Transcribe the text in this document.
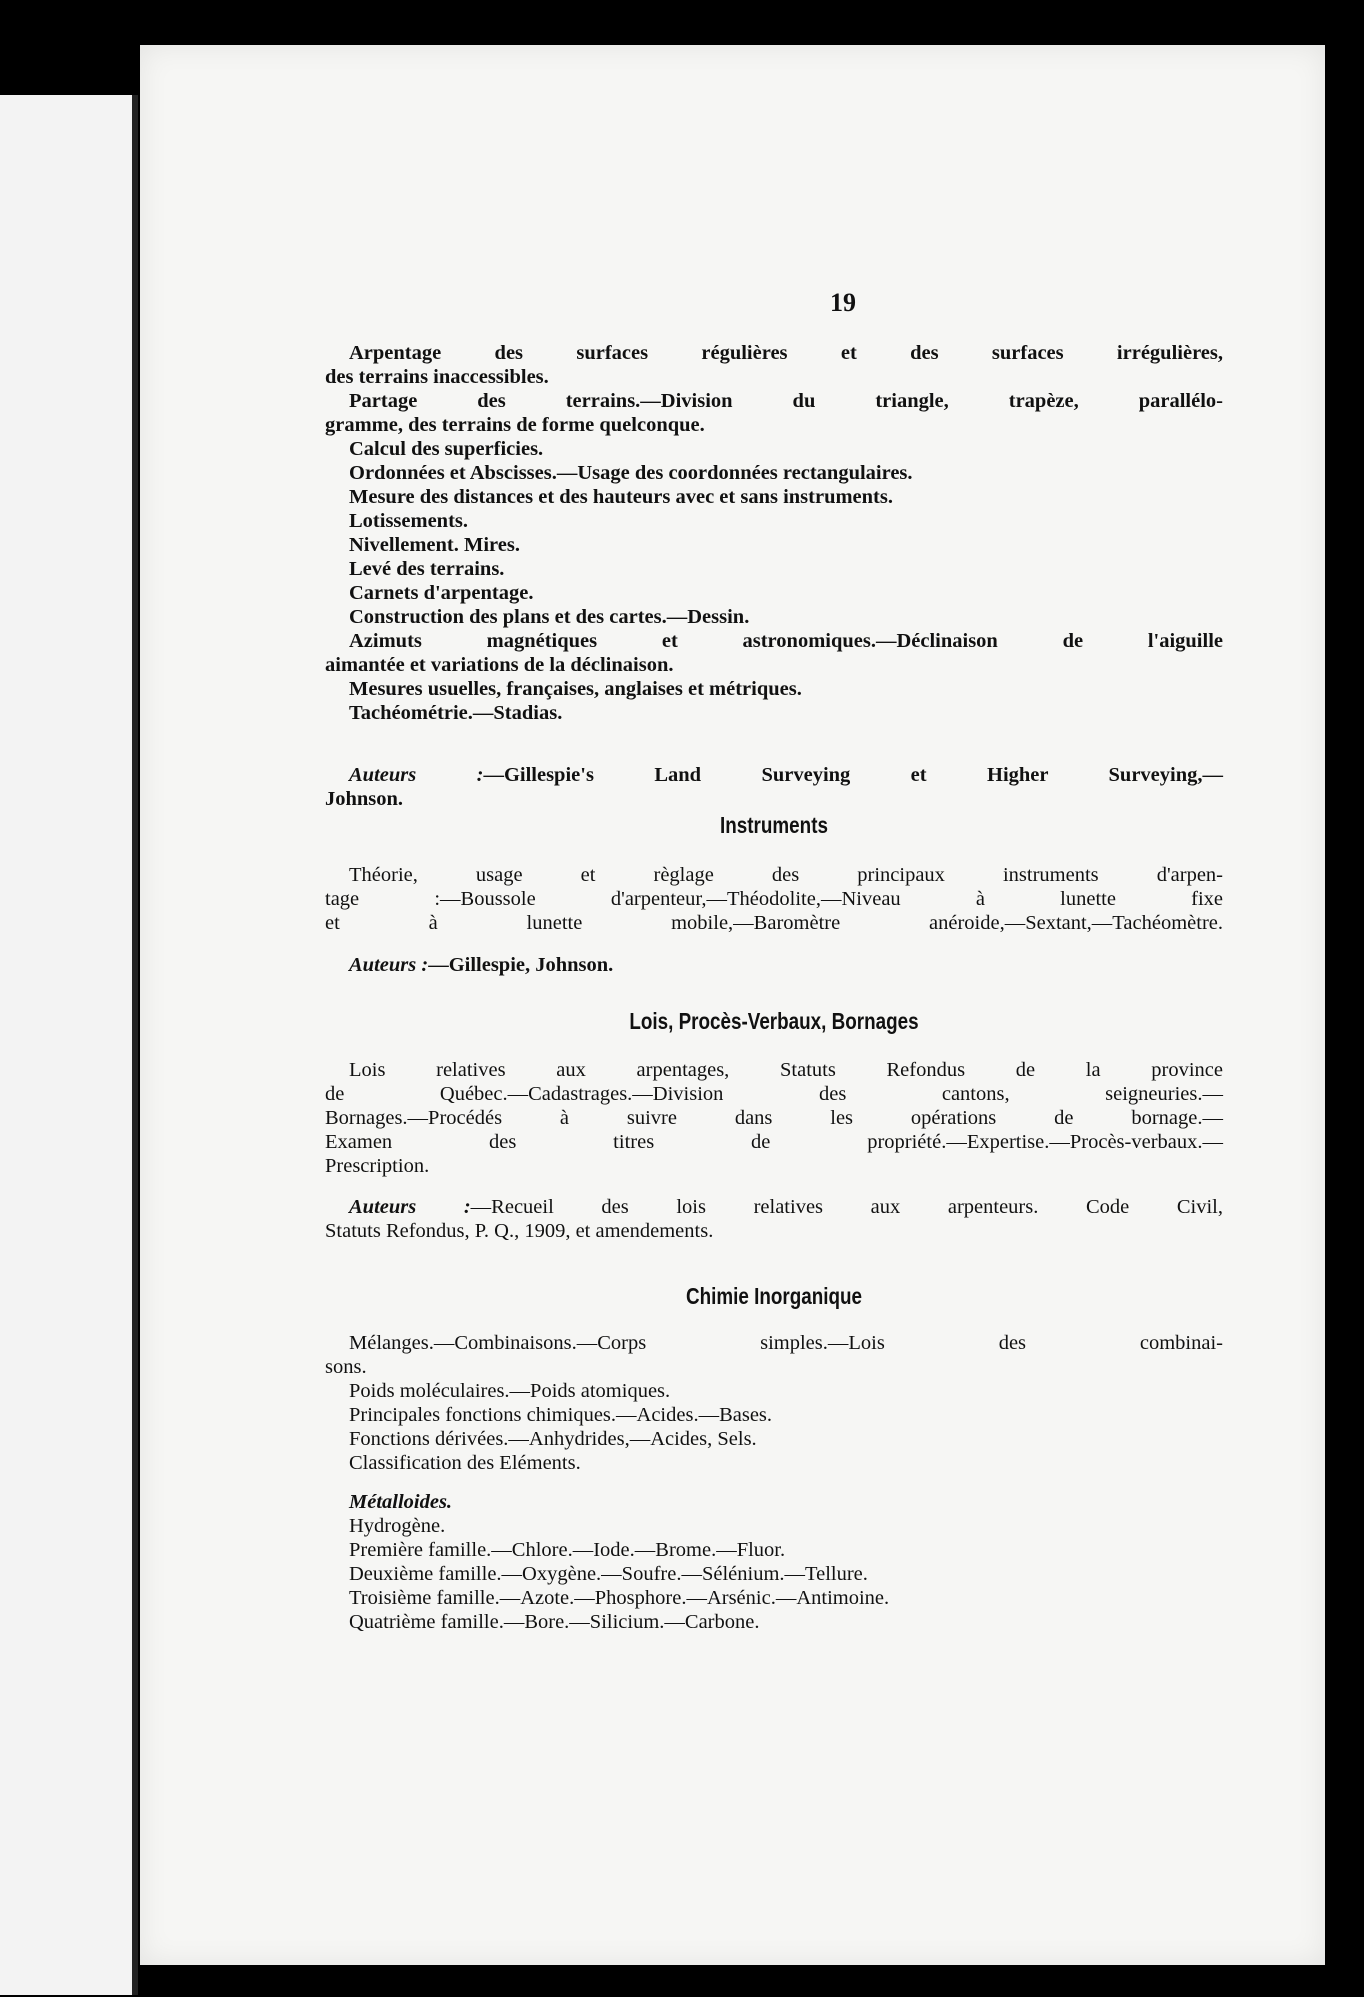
19
Arpentage des surfaces régulières et des surfaces irrégulières,
des terrains inaccessibles.
Partage des terrains.—Division du triangle, trapèze, parallélo-
gramme, des terrains de forme quelconque.
Calcul des superficies.
Ordonnées et Abscisses.—Usage des coordonnées rectangulaires.
Mesure des distances et des hauteurs avec et sans instruments.
Lotissements.
Nivellement. Mires.
Levé des terrains.
Carnets d'arpentage.
Construction des plans et des cartes.—Dessin.
Azimuts magnétiques et astronomiques.—Déclinaison de l'aiguille
aimantée et variations de la déclinaison.
Mesures usuelles, françaises, anglaises et métriques.
Tachéométrie.—Stadias.
Auteurs :—Gillespie's Land Surveying et Higher Surveying,—
Johnson.
Instruments
Théorie, usage et règlage des principaux instruments d'arpen-
tage :—Boussole d'arpenteur,—Théodolite,—Niveau à lunette fixe
et à lunette mobile,—Baromètre anéroide,—Sextant,—Tachéomètre.
Auteurs :—Gillespie, Johnson.
Lois, Procès-Verbaux, Bornages
Lois relatives aux arpentages, Statuts Refondus de la province
de Québec.—Cadastrages.—Division des cantons, seigneuries.—
Bornages.—Procédés à suivre dans les opérations de bornage.—
Examen des titres de propriété.—Expertise.—Procès-verbaux.—
Prescription.
Auteurs :—Recueil des lois relatives aux arpenteurs. Code Civil,
Statuts Refondus, P. Q., 1909, et amendements.
Chimie Inorganique
Mélanges.—Combinaisons.—Corps simples.—Lois des combinai-
sons.
Poids moléculaires.—Poids atomiques.
Principales fonctions chimiques.—Acides.—Bases.
Fonctions dérivées.—Anhydrides,—Acides, Sels.
Classification des Eléments.
Métalloides.
Hydrogène.
Première famille.—Chlore.—Iode.—Brome.—Fluor.
Deuxième famille.—Oxygène.—Soufre.—Sélénium.—Tellure.
Troisième famille.—Azote.—Phosphore.—Arsénic.—Antimoine.
Quatrième famille.—Bore.—Silicium.—Carbone.
